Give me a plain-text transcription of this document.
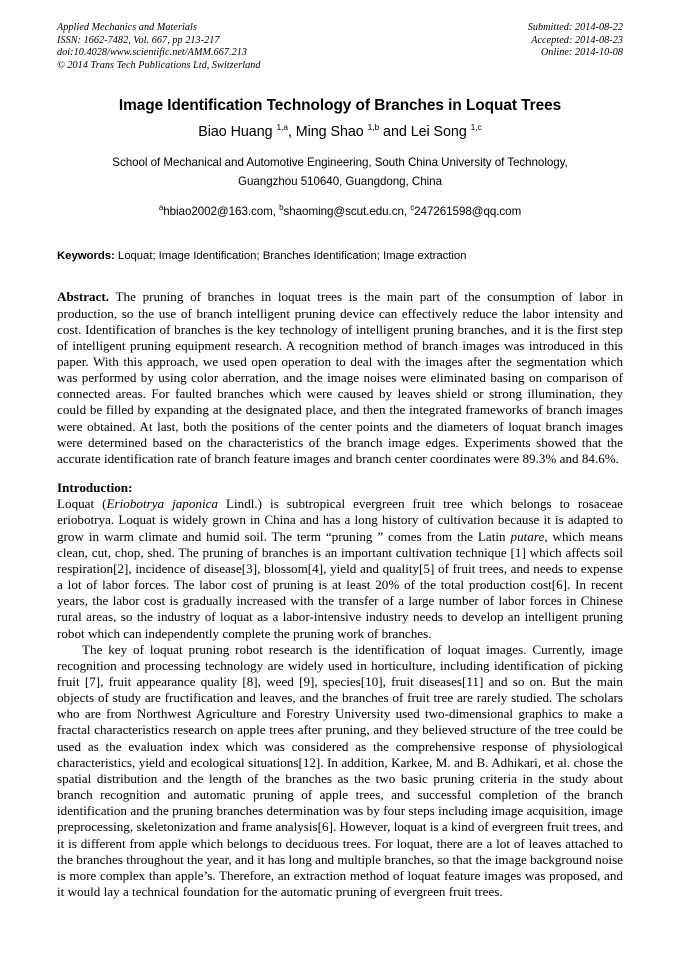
Applied Mechanics and Materials
ISSN: 1662-7482, Vol. 667, pp 213-217
doi:10.4028/www.scientific.net/AMM.667.213
© 2014 Trans Tech Publications Ltd, Switzerland
Submitted: 2014-08-22
Accepted: 2014-08-23
Online: 2014-10-08
Image Identification Technology of Branches in Loquat Trees
Biao Huang $^{1,a}$, Ming Shao $^{1,b}$ and Lei Song $^{1,c}$
School of Mechanical and Automotive Engineering, South China University of Technology,
Guangzhou 510640, Guangdong, China
$^a$hbiao2002@163.com, $^b$shaoming@scut.edu.cn, $^c$247261598@qq.com
Keywords: Loquat; Image Identification; Branches Identification; Image extraction

Abstract. The pruning of branches in loquat trees is the main part of the consumption of labor in production, so the use of branch intelligent pruning device can effectively reduce the labor intensity and cost. Identification of branches is the key technology of intelligent pruning branches, and it is the first step of intelligent pruning equipment research. A recognition method of branch images was introduced in this paper. With this approach, we used open operation to deal with the images after the segmentation which was performed by using color aberration, and the image noises were eliminated basing on comparison of connected areas. For faulted branches which were caused by leaves shield or strong illumination, they could be filled by expanding at the designated place, and then the integrated frameworks of branch images were obtained. At last, both the positions of the center points and the diameters of loquat branch images were determined based on the characteristics of the branch image edges. Experiments showed that the accurate identification rate of branch feature images and branch center coordinates were 89.3% and 84.6%.

Introduction:

Loquat (Eriobotrya japonica Lindl.) is subtropical evergreen fruit tree which belongs to rosaceae eriobotrya. Loquat is widely grown in China and has a long history of cultivation because it is adapted to grow in warm climate and humid soil. The term “pruning ” comes from the Latin putare, which means clean, cut, chop, shed. The pruning of branches is an important cultivation technique [1] which affects soil respiration[2], incidence of disease[3], blossom[4], yield and quality[5] of fruit trees, and needs to expense a lot of labor forces. The labor cost of pruning is at least 20% of the total production cost[6]. In recent years, the labor cost is gradually increased with the transfer of a large number of labor forces in Chinese rural areas, so the industry of loquat as a labor-intensive industry needs to develop an intelligent pruning robot which can independently complete the pruning work of branches.

The key of loquat pruning robot research is the identification of loquat images. Currently, image recognition and processing technology are widely used in horticulture, including identification of picking fruit [7], fruit appearance quality [8], weed [9], species[10], fruit diseases[11] and so on. But the main objects of study are fructification and leaves, and the branches of fruit tree are rarely studied. The scholars who are from Northwest Agriculture and Forestry University used two-dimensional graphics to make a fractal characteristics research on apple trees after pruning, and they believed structure of the tree could be used as the evaluation index which was considered as the comprehensive response of physiological characteristics, yield and ecological situations[12]. In addition, Karkee, M. and B. Adhikari, et al. chose the spatial distribution and the length of the branches as the two basic pruning criteria in the study about branch recognition and automatic pruning of apple trees, and successful completion of the branch identification and the pruning branches determination was by four steps including image acquisition, image preprocessing, skeletonization and frame analysis[6]. However, loquat is a kind of evergreen fruit trees, and it is different from apple which belongs to deciduous trees. For loquat, there are a lot of leaves attached to the branches throughout the year, and it has long and multiple branches, so that the image background noise is more complex than apple’s. Therefore, an extraction method of loquat feature images was proposed, and it would lay a technical foundation for the automatic pruning of evergreen fruit trees.
